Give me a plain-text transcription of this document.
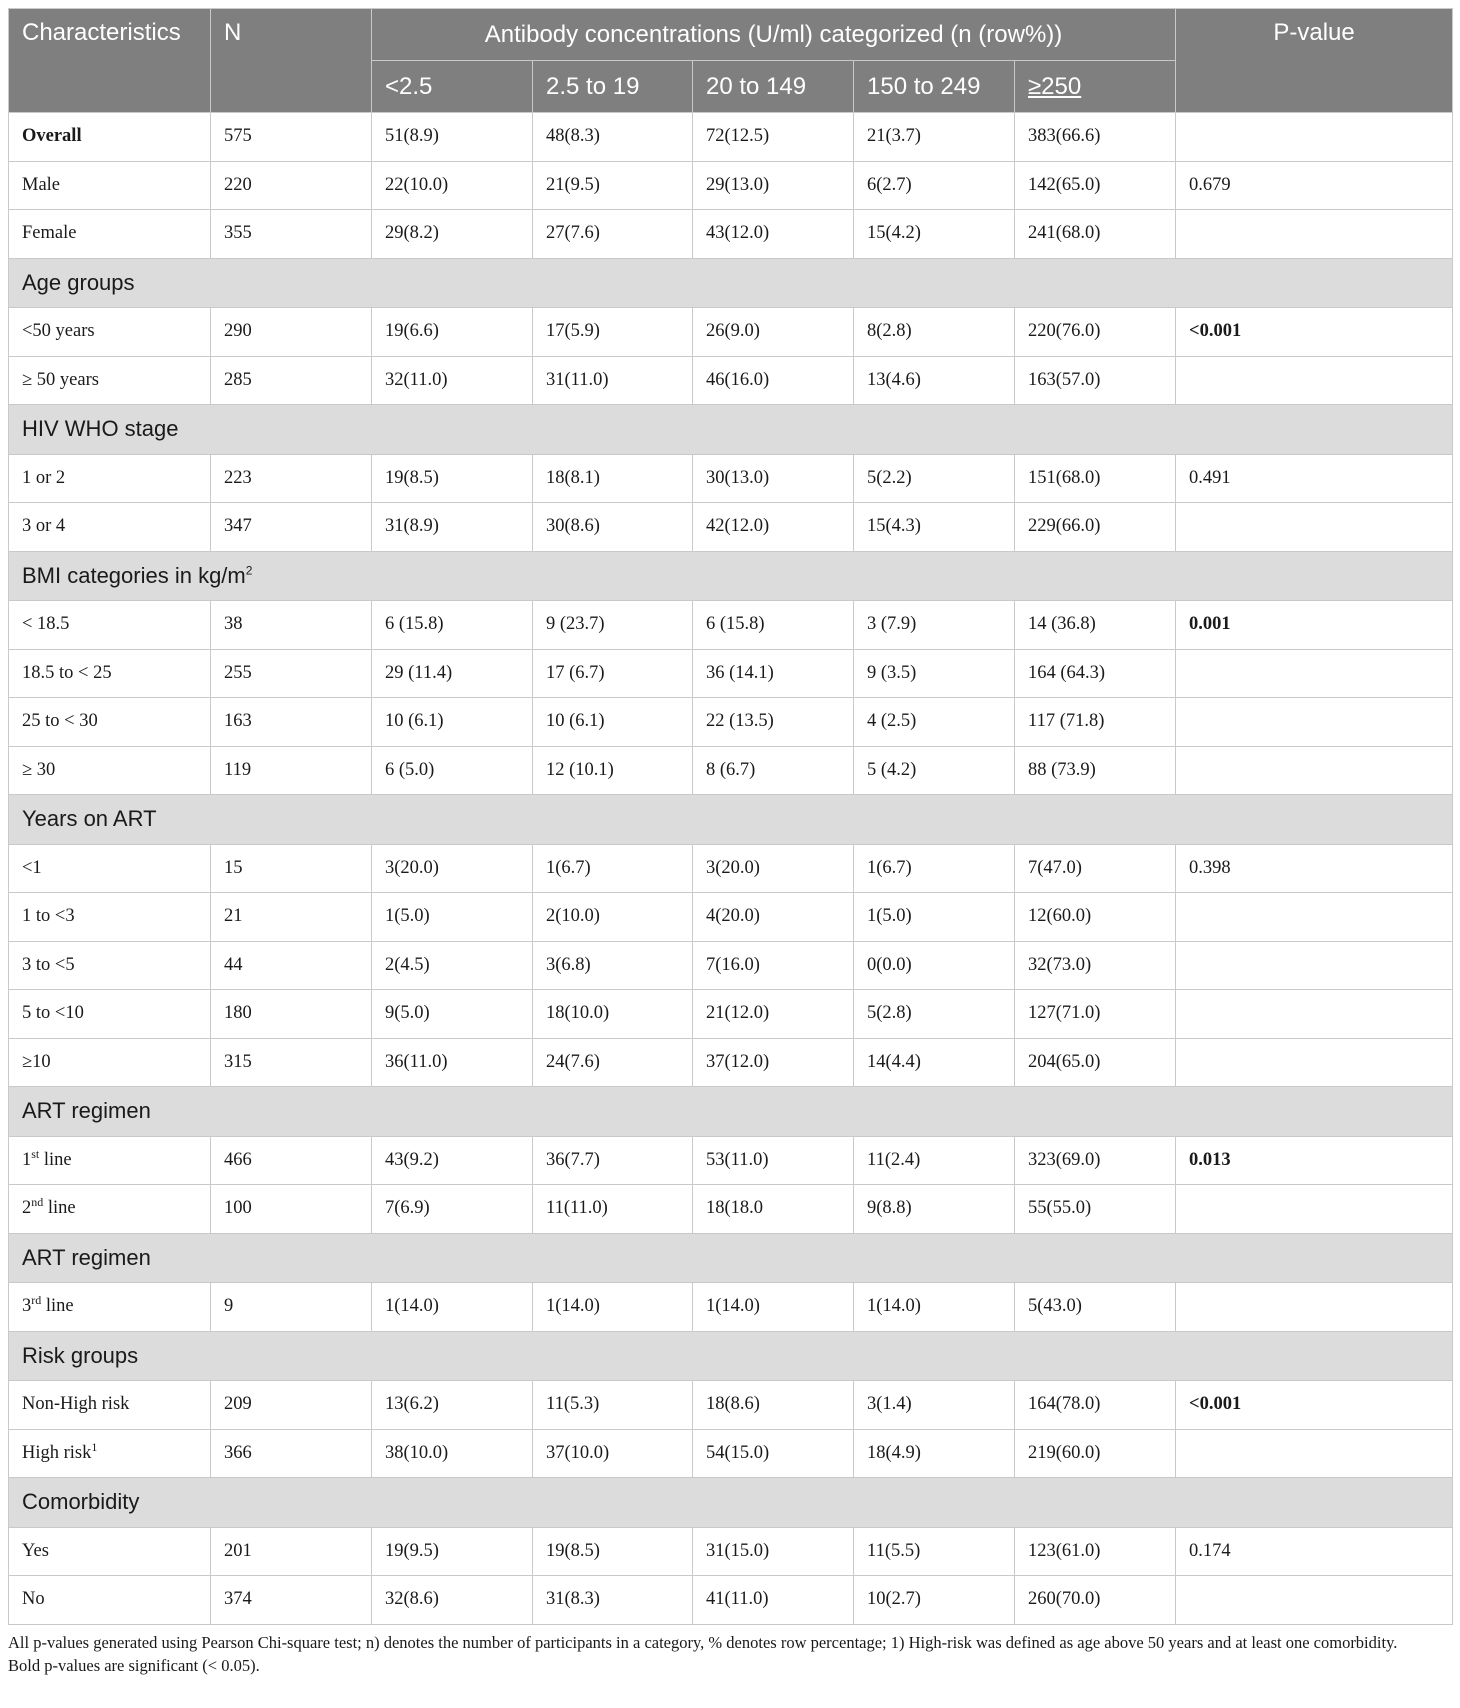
Characteristics	N	Antibody concentrations (U/ml) categorized (n (row%))					P-value
		<2.5	2.5 to 19	20 to 149	150 to 249	≥250	
Overall	575	51(8.9)	48(8.3)	72(12.5)	21(3.7)	383(66.6)	
Male	220	22(10.0)	21(9.5)	29(13.0)	6(2.7)	142(65.0)	0.679
Female	355	29(8.2)	27(7.6)	43(12.0)	15(4.2)	241(68.0)	
Age groups							
<50 years	290	19(6.6)	17(5.9)	26(9.0)	8(2.8)	220(76.0)	<0.001
≥ 50 years	285	32(11.0)	31(11.0)	46(16.0)	13(4.6)	163(57.0)	
HIV WHO stage							
1 or 2	223	19(8.5)	18(8.1)	30(13.0)	5(2.2)	151(68.0)	0.491
3 or 4	347	31(8.9)	30(8.6)	42(12.0)	15(4.3)	229(66.0)	
BMI categories in $kg/m^2$
< 18.5	38	6 (15.8)	9 (23.7)	6 (15.8)	3 (7.9)	14 (36.8)	0.001
18.5 to < 25	255	29 (11.4)	17 (6.7)	36 (14.1)	9 (3.5)	164 (64.3)	
25 to < 30	163	10 (6.1)	10 (6.1)	22 (13.5)	4 (2.5)	117 (71.8)	
≥ 30	119	6 (5.0)	12 (10.1)	8 (6.7)	5 (4.2)	88 (73.9)	
Years on ART							
<1	15	3(20.0)	1(6.7)	3(20.0)	1(6.7)	7(47.0)	0.398
1 to <3	21	1(5.0)	2(10.0)	4(20.0)	1(5.0)	12(60.0)	
3 to <5	44	2(4.5)	3(6.8)	7(16.0)	0(0.0)	32(73.0)	
5 to <10	180	9(5.0)	18(10.0)	21(12.0)	5(2.8)	127(71.0)	
≥10	315	36(11.0)	24(7.6)	37(12.0)	14(4.4)	204(65.0)	
ART regimen							
1st line	466	43(9.2)	36(7.7)	53(11.0)	11(2.4)	323(69.0)	0.013
2nd line	100	7(6.9)	11(11.0)	18(18.0	9(8.8)	55(55.0)	
ART regimen							
3rd line	9	1(14.0)	1(14.0)	1(14.0)	1(14.0)	5(43.0)	
Risk groups							
Non-High risk	209	13(6.2)	11(5.3)	18(8.6)	3(1.4)	164(78.0)	<0.001
High risk$^1$	366	38(10.0)	37(10.0)	54(15.0)	18(4.9)	219(60.0)	
Comorbidity							
Yes	201	19(9.5)	19(8.5)	31(15.0)	11(5.5)	123(61.0)	0.174
No	374	32(8.6)	31(8.3)	41(11.0)	10(2.7)	260(70.0)	
All p-values generated using Pearson Chi-square test; n) denotes the number of participants in a category, % denotes row percentage; 1) High-risk was defined as age above 50 years and at least one comorbidity.
Bold p-values are significant (< 0.05).
